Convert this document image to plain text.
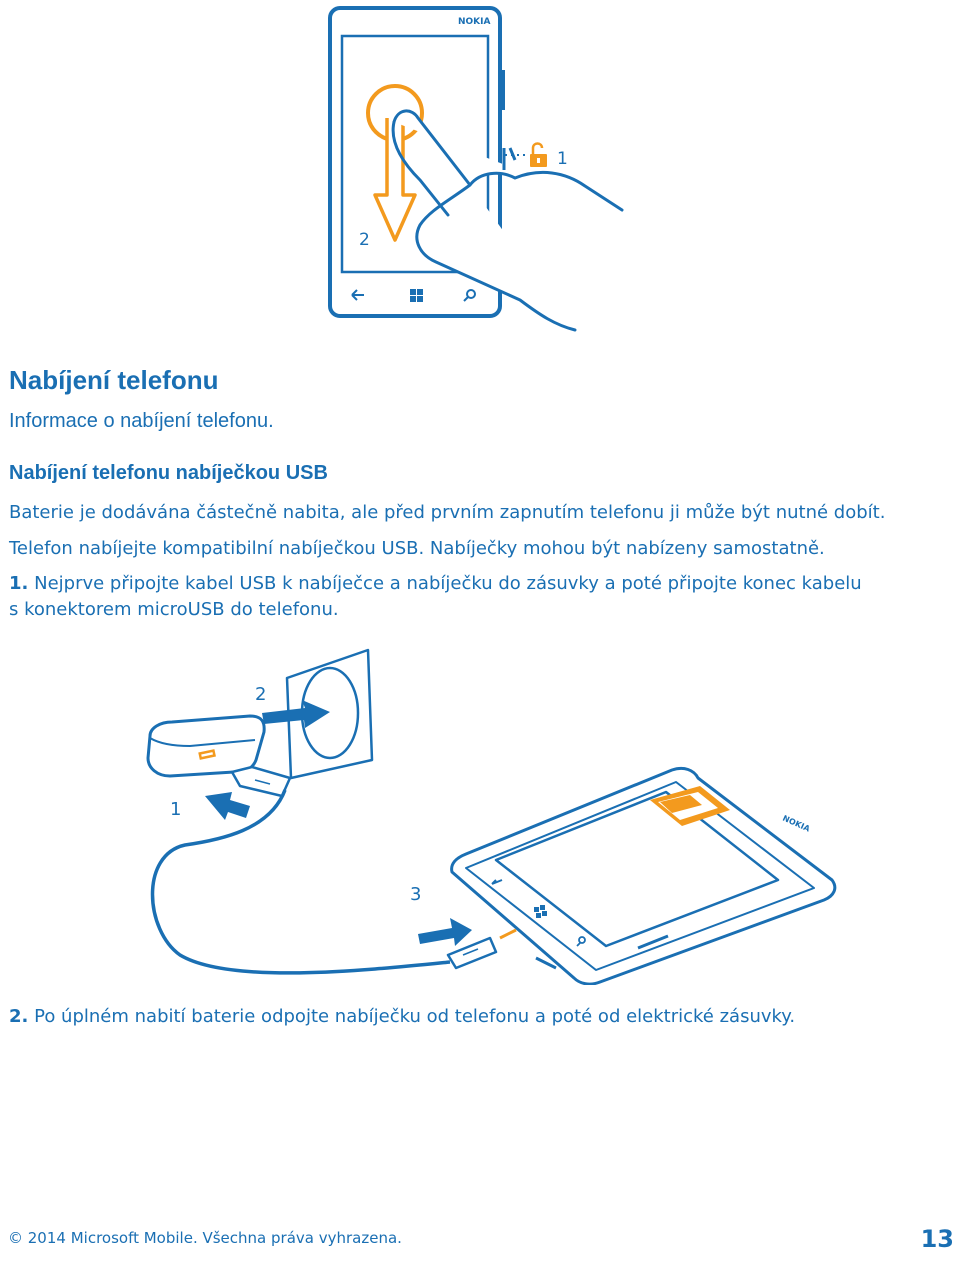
NOKIA
2
1
Nabíjení telefonu
Informace o nabíjení telefonu.
Nabíjení telefonu nabíječkou USB
Baterie je dodávána částečně nabita, ale před prvním zapnutím telefonu ji může být nutné dobít.
Telefon nabíjejte kompatibilní nabíječkou USB. Nabíječky mohou být nabízeny samostatně.
1. Nejprve připojte kabel USB k nabíječce a nabíječku do zásuvky a poté připojte konec kabelu
s konektorem microUSB do telefonu.
2
1
3
NOKIA
2. Po úplném nabití baterie odpojte nabíječku od telefonu a poté od elektrické zásuvky.
© 2014 Microsoft Mobile. Všechna práva vyhrazena.	13
